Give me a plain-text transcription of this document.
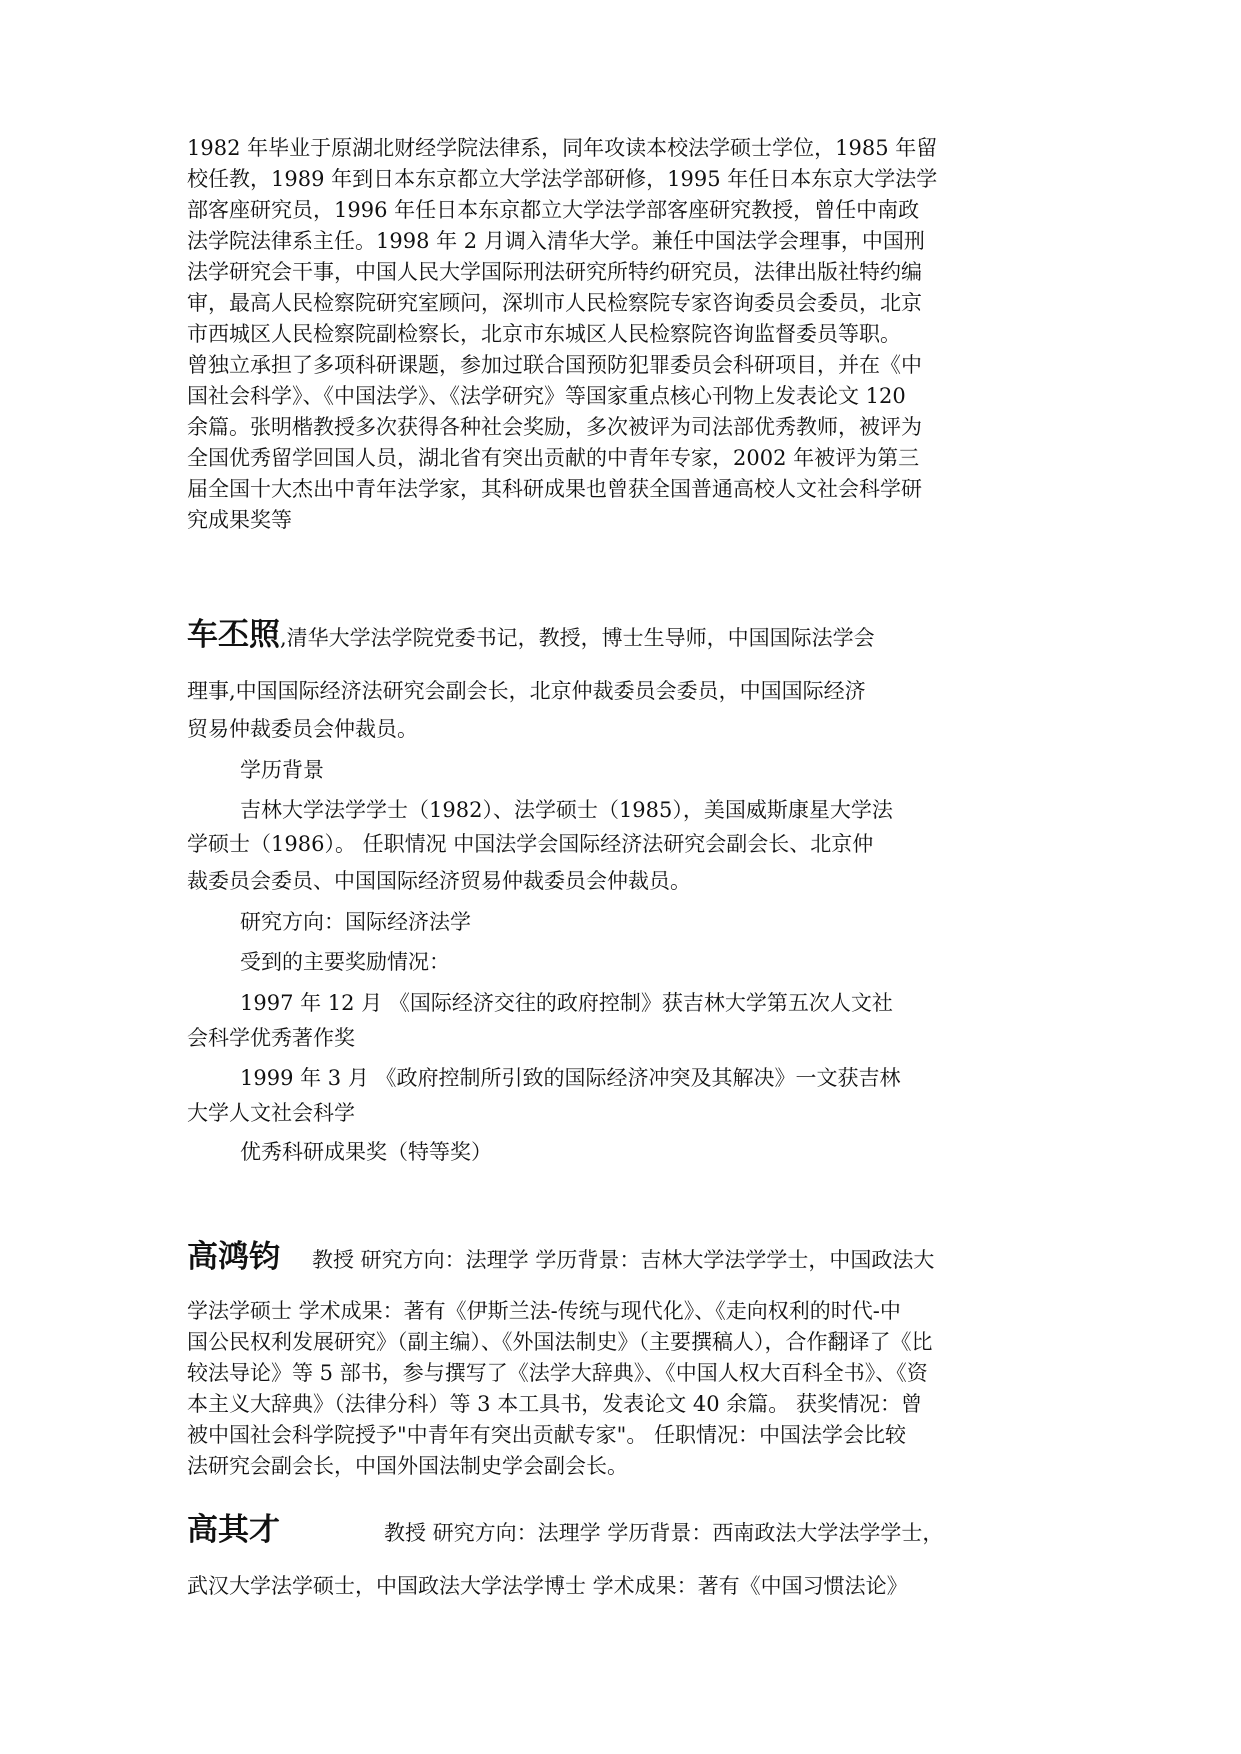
1982 年毕业于原湖北财经学院法律系，同年攻读本校法学硕士学位，1985 年留

校任教，1989 年到日本东京都立大学法学部研修，1995 年任日本东京大学法学

部客座研究员，1996 年任日本东京都立大学法学部客座研究教授，曾任中南政

法学院法律系主任。1998 年 2 月调入清华大学。兼任中国法学会理事，中国刑

法学研究会干事，中国人民大学国际刑法研究所特约研究员，法律出版社特约编

审，最高人民检察院研究室顾问，深圳市人民检察院专家咨询委员会委员，北京

市西城区人民检察院副检察长，北京市东城区人民检察院咨询监督委员等职。

曾独立承担了多项科研课题，参加过联合国预防犯罪委员会科研项目，并在《中

国社会科学》、《中国法学》、《法学研究》等国家重点核心刊物上发表论文 120

余篇。张明楷教授多次获得各种社会奖励，多次被评为司法部优秀教师，被评为

全国优秀留学回国人员，湖北省有突出贡献的中青年专家，2002 年被评为第三

届全国十大杰出中青年法学家，其科研成果也曾获全国普通高校人文社会科学研

究成果奖等

车丕照,清华大学法学院党委书记，教授，博士生导师，中国国际法学会

理事,中国国际经济法研究会副会长，北京仲裁委员会委员，中国国际经济

贸易仲裁委员会仲裁员。

学历背景

吉林大学法学学士（1982）、法学硕士（1985），美国威斯康星大学法

学硕士（1986）。 任职情况 中国法学会国际经济法研究会副会长、北京仲

裁委员会委员、中国国际经济贸易仲裁委员会仲裁员。

研究方向：国际经济法学

受到的主要奖励情况：

1997 年 12 月 《国际经济交往的政府控制》获吉林大学第五次人文社

会科学优秀著作奖

1999 年 3 月 《政府控制所引致的国际经济冲突及其解决》一文获吉林

大学人文社会科学

优秀科研成果奖（特等奖）

高鸿钧 教授 研究方向：法理学 学历背景：吉林大学法学学士，中国政法大

学法学硕士 学术成果：著有《伊斯兰法-传统与现代化》、《走向权利的时代-中

国公民权利发展研究》（副主编）、《外国法制史》（主要撰稿人），合作翻译了《比

较法导论》等 5 部书，参与撰写了《法学大辞典》、《中国人权大百科全书》、《资

本主义大辞典》（法律分科）等 3 本工具书，发表论文 40 余篇。 获奖情况：曾

被中国社会科学院授予"中青年有突出贡献专家"。 任职情况：中国法学会比较

法研究会副会长，中国外国法制史学会副会长。

高其才	教授 研究方向：法理学 学历背景：西南政法大学法学学士，

武汉大学法学硕士，中国政法大学法学博士 学术成果：著有《中国习惯法论》
